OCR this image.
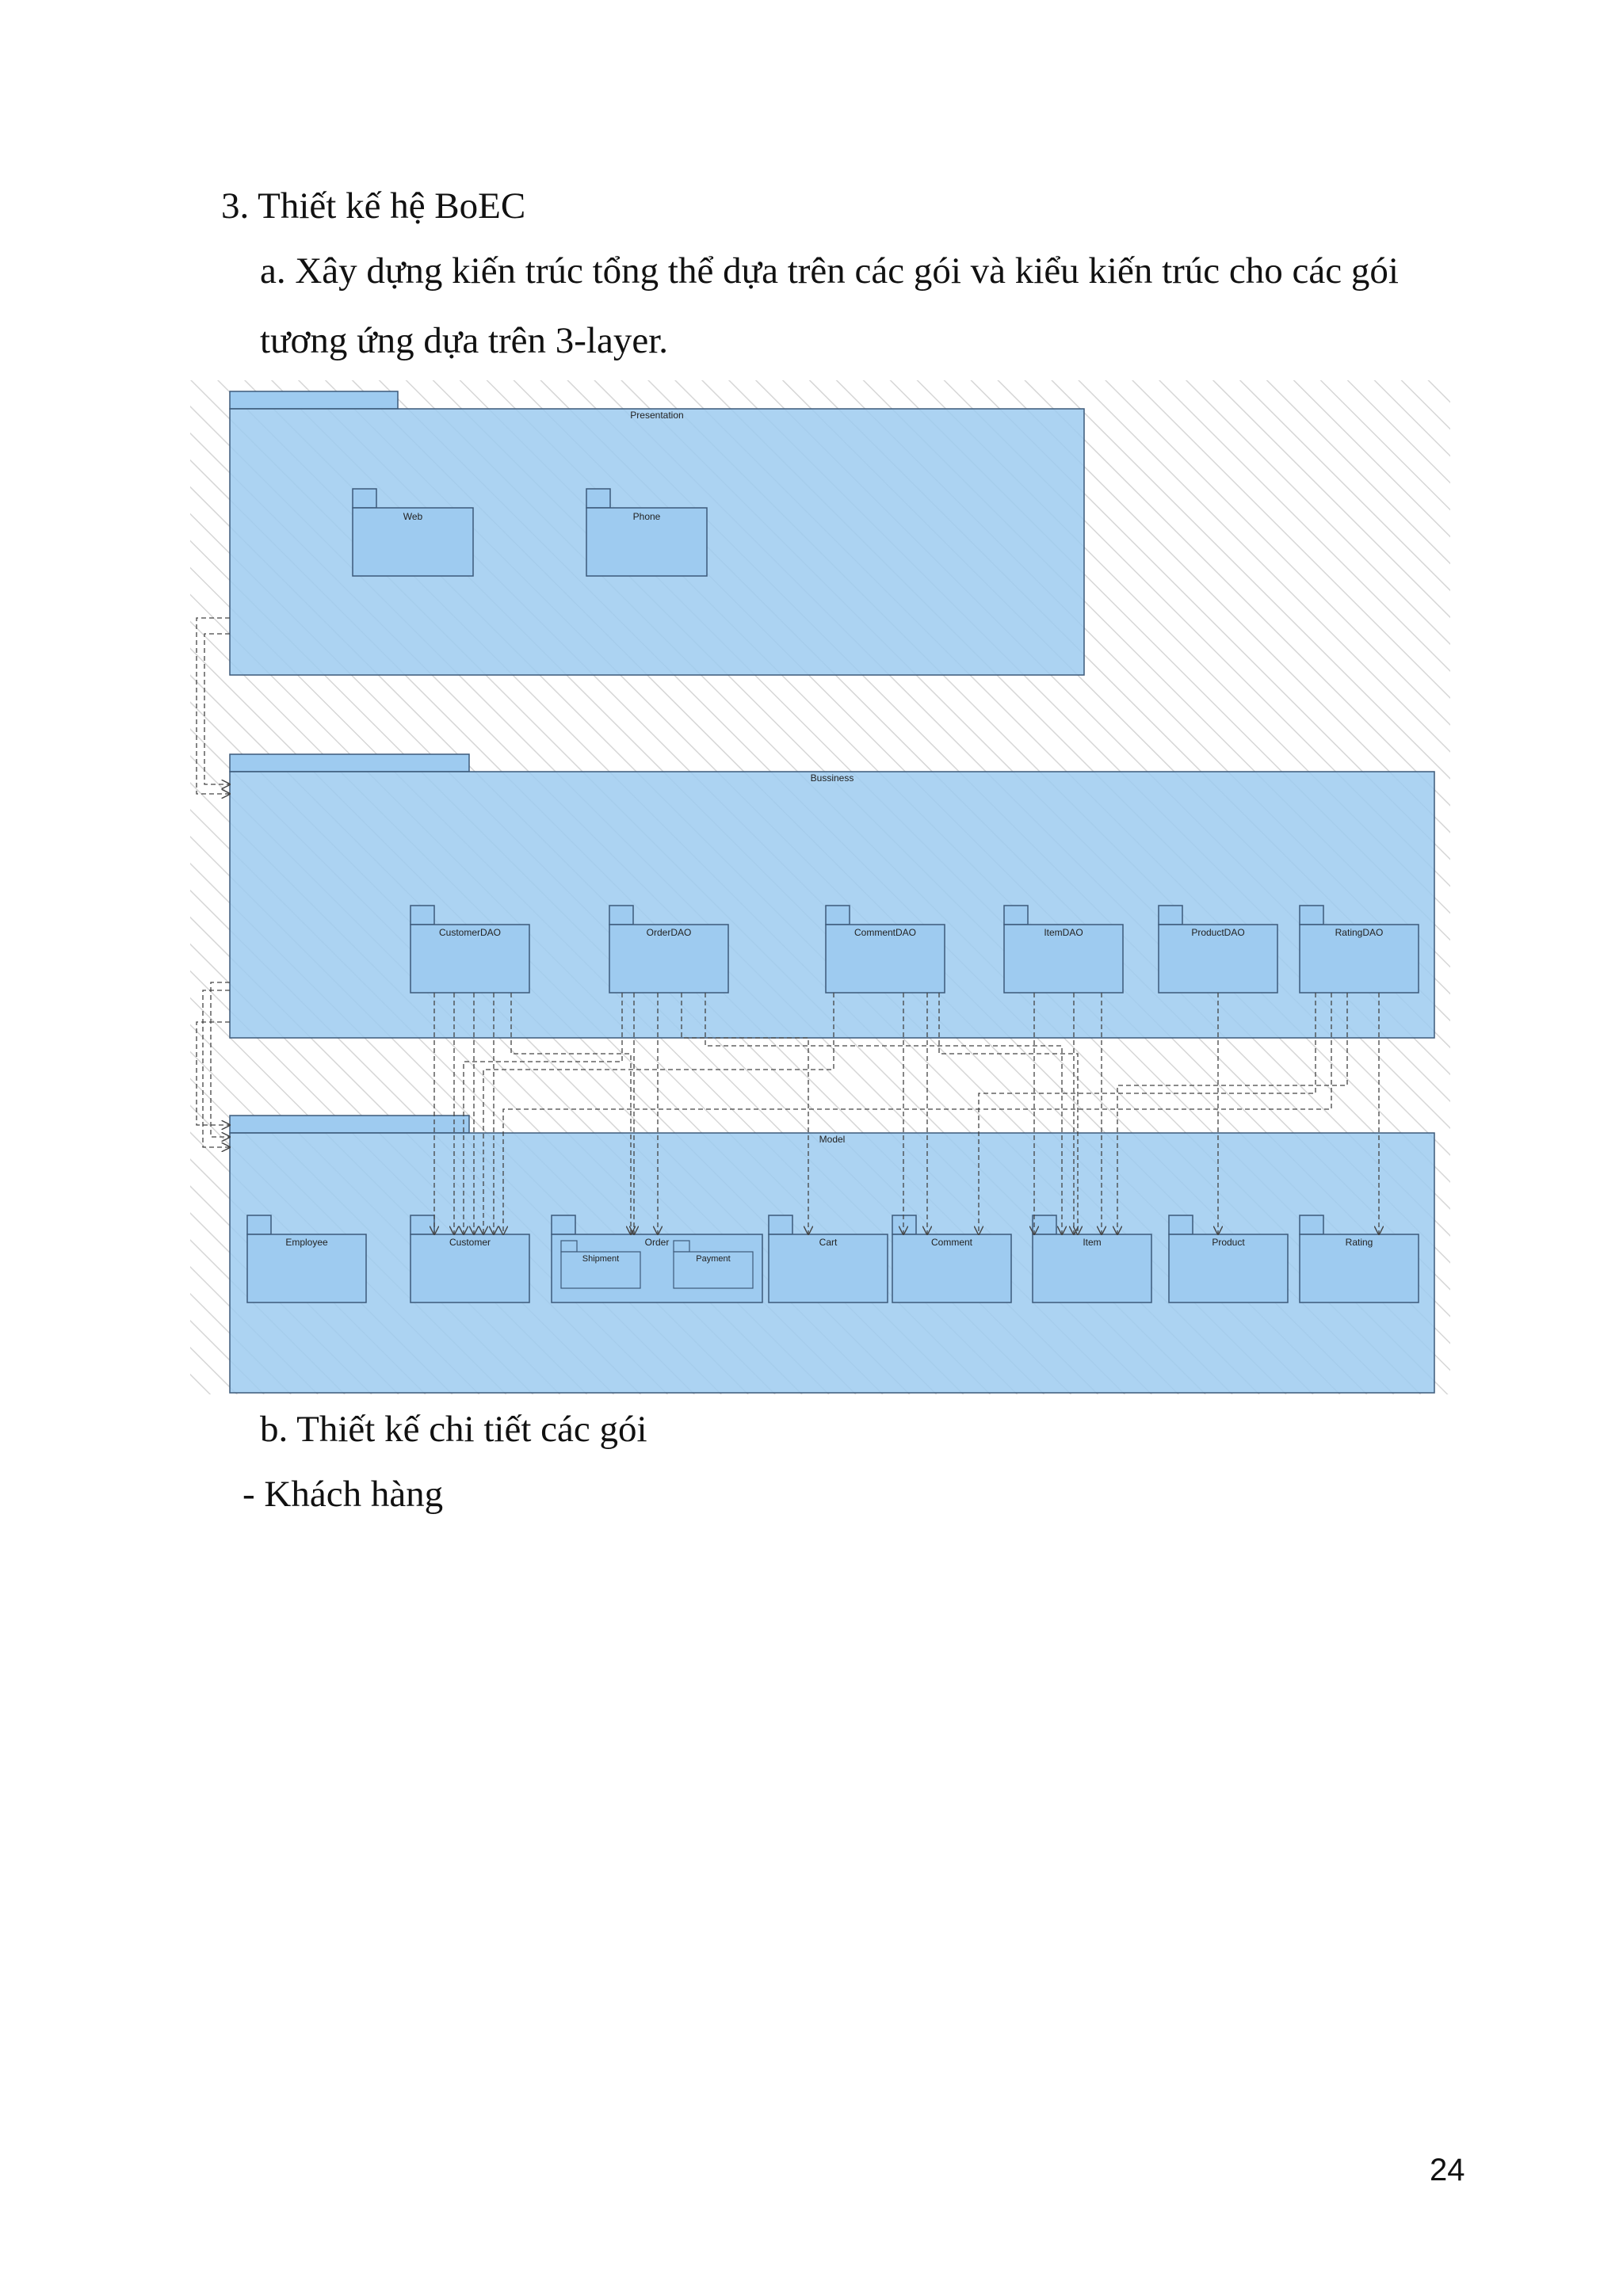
3. Thiết kế hệ BoEC
a. Xây dựng kiến trúc tổng thể dựa trên các gói và kiểu kiến trúc cho các gói
tương ứng dựa trên 3-layer.
Presentation
Web	Phone
Bussiness
CustomerDAO	OrderDAO	CommentDAO	ItemDAO	ProductDAO	RatingDAO
Model
Employee	Customer	Order
Shipment	Payment
Cart	Comment	Item	Product	Rating
b. Thiết kế chi tiết các gói
- Khách hàng
24
